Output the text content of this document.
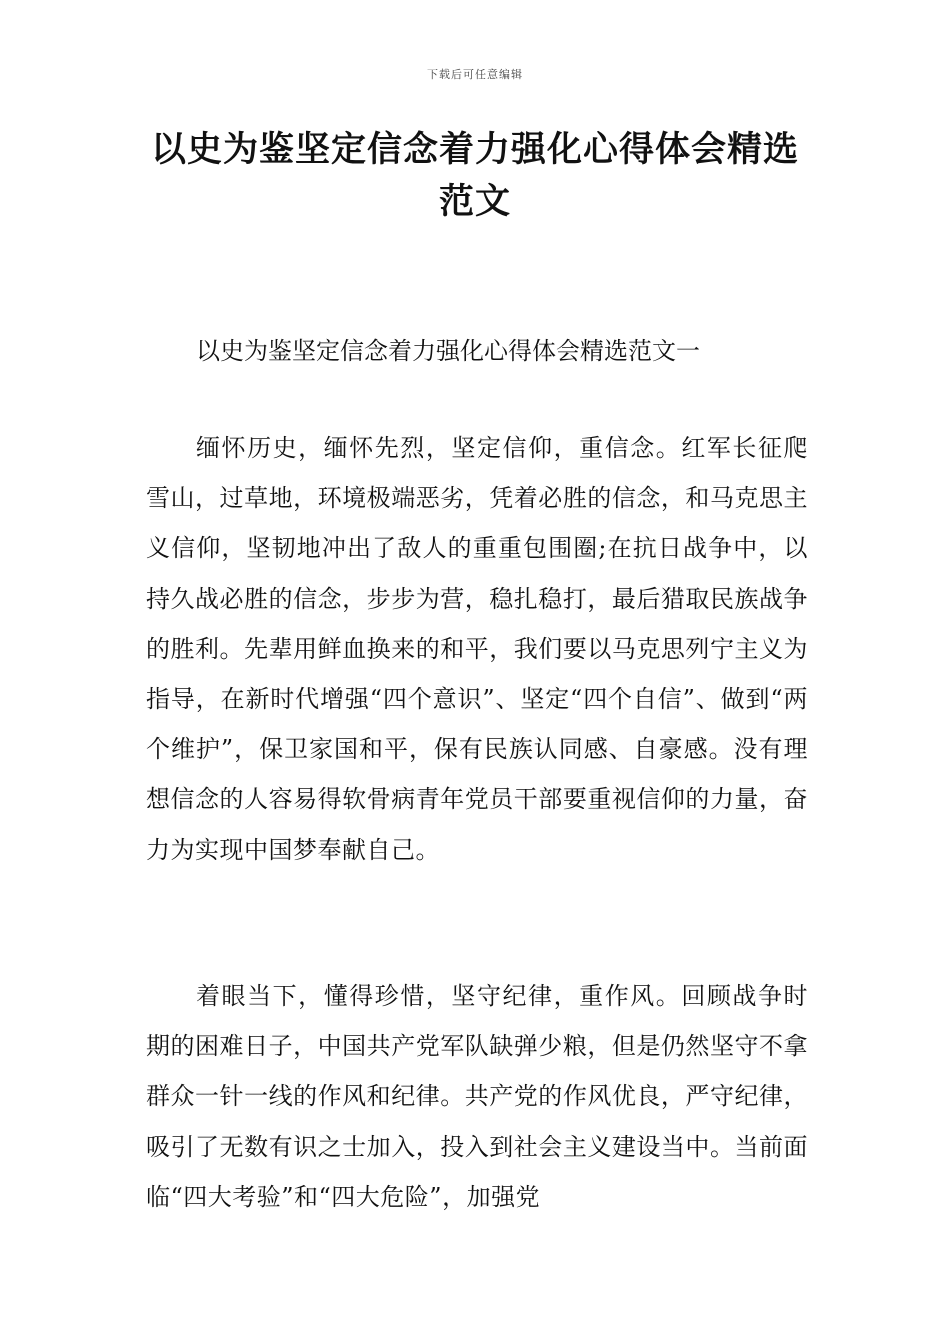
下载后可任意编辑
以史为鉴坚定信念着力强化心得体会精选范文
以史为鉴坚定信念着力强化心得体会精选范文一

缅怀历史，缅怀先烈，坚定信仰，重信念。红军长征爬雪山，过草地，环境极端恶劣，凭着必胜的信念，和马克思主义信仰，坚韧地冲出了敌人的重重包围圈;在抗日战争中，以持久战必胜的信念，步步为营，稳扎稳打，最后猎取民族战争的胜利。先辈用鲜血换来的和平，我们要以马克思列宁主义为指导，在新时代增强“四个意识”、坚定“四个自信”、做到“两个维护”，保卫家国和平，保有民族认同感、自豪感。没有理想信念的人容易得软骨病青年党员干部要重视信仰的力量，奋力为实现中国梦奉献自己。

着眼当下，懂得珍惜，坚守纪律，重作风。回顾战争时期的困难日子，中国共产党军队缺弹少粮，但是仍然坚守不拿群众一针一线的作风和纪律。共产党的作风优良，严守纪律，吸引了无数有识之士加入，投入到社会主义建设当中。当前面临“四大考验”和“四大危险”，加强党
